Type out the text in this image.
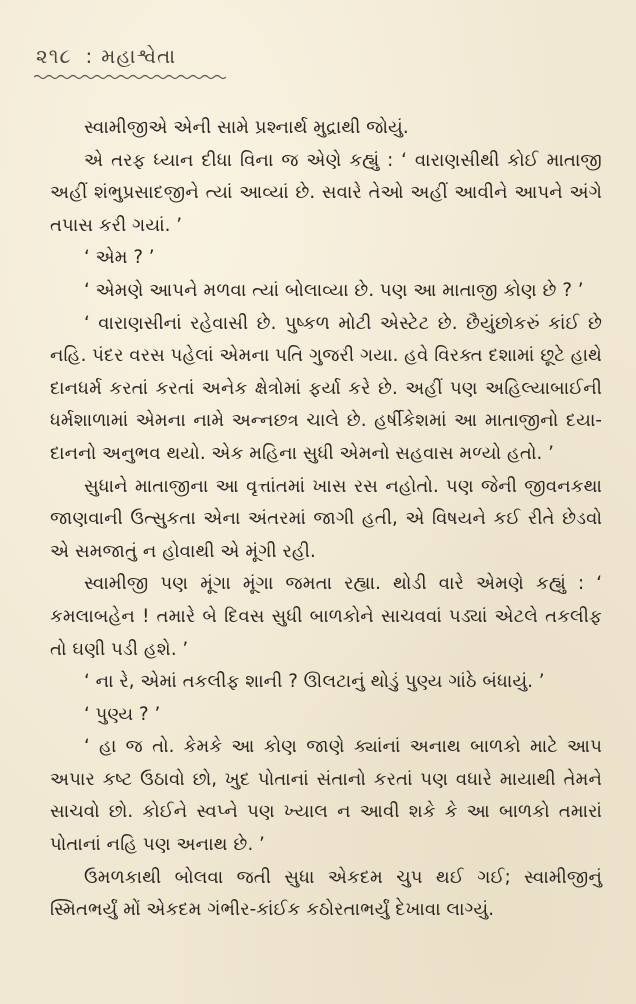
૨૧૮ : મહાશ્વેતા

સ્વામીજીએ એની સામે પ્રશ્નાર્થ મુદ્રાથી જોયું.

એ તરફ ધ્યાન દીધા વિના જ એણે કહ્યું : ‘ વારાણસીથી કોઈ માતાજી અહીં શંભુપ્રસાદજીને ત્યાં આવ્યાં છે. સવારે તેઓ અહીં આવીને આપને અંગે તપાસ કરી ગયાં. ’

‘ એમ ? ’

‘ એમણે આપને મળવા ત્યાં બોલાવ્યા છે. પણ આ માતાજી કોણ છે ? ’

‘ વારાણસીનાં રહેવાસી છે. પુષ્કળ મોટી એસ્ટેટ છે. છૈયુંછોકરું કાંઈ છે નહિ. પંદર વરસ પહેલાં એમના પતિ ગુજરી ગયા. હવે વિરક્ત દશામાં છૂટે હાથે દાનધર્મ કરતાં કરતાં અનેક ક્ષેત્રોમાં ફર્યા કરે છે. અહીં પણ અહિલ્યાબાઈની ધર્મશાળામાં એમના નામે અન્નછત્ર ચાલે છે. હર્ષીકેશમાં આ માતાજીનો દયા-દાનનો અનુભવ થયો. એક મહિના સુધી એમનો સહવાસ મળ્યો હતો. ’

સુધાને માતાજીના આ વૃત્તાંતમાં ખાસ રસ નહોતો. પણ જેની જીવનકથા જાણવાની ઉત્સુકતા એના અંતરમાં જાગી હતી, એ વિષયને કઈ રીતે છેડવો એ સમજાતું ન હોવાથી એ મૂંગી રહી.

સ્વામીજી પણ મૂંગા મૂંગા જમતા રહ્યા. થોડી વારે એમણે કહ્યું : ‘ કમલાબહેન ! તમારે બે દિવસ સુધી બાળકોને સાચવવાં પડ્યાં એટલે તકલીફ તો ઘણી પડી હશે. ’

‘ ના રે, એમાં તકલીફ શાની ? ઊલટાનું થોડું પુણ્ય ગાંઠે બંધાયું. ’

‘ પુણ્ય ? ’

‘ હા જ તો. કેમકે આ કોણ જાણે ક્યાંનાં અનાથ બાળકો માટે આપ અપાર કષ્ટ ઉઠાવો છો, ખુદ પોતાનાં સંતાનો કરતાં પણ વધારે માયાથી તેમને સાચવો છો. કોઈને સ્વપ્ને પણ ખ્યાલ ન આવી શકે કે આ બાળકો તમારાં પોતાનાં નહિ પણ અનાથ છે. ’

ઉમળકાથી બોલવા જતી સુધા એકદમ ચુપ થઈ ગઈ; સ્વામીજીનું સ્મિતભર્યું મોં એકદમ ગંભીર-કાંઈક કઠોરતાભર્યું દેખાવા લાગ્યું.
